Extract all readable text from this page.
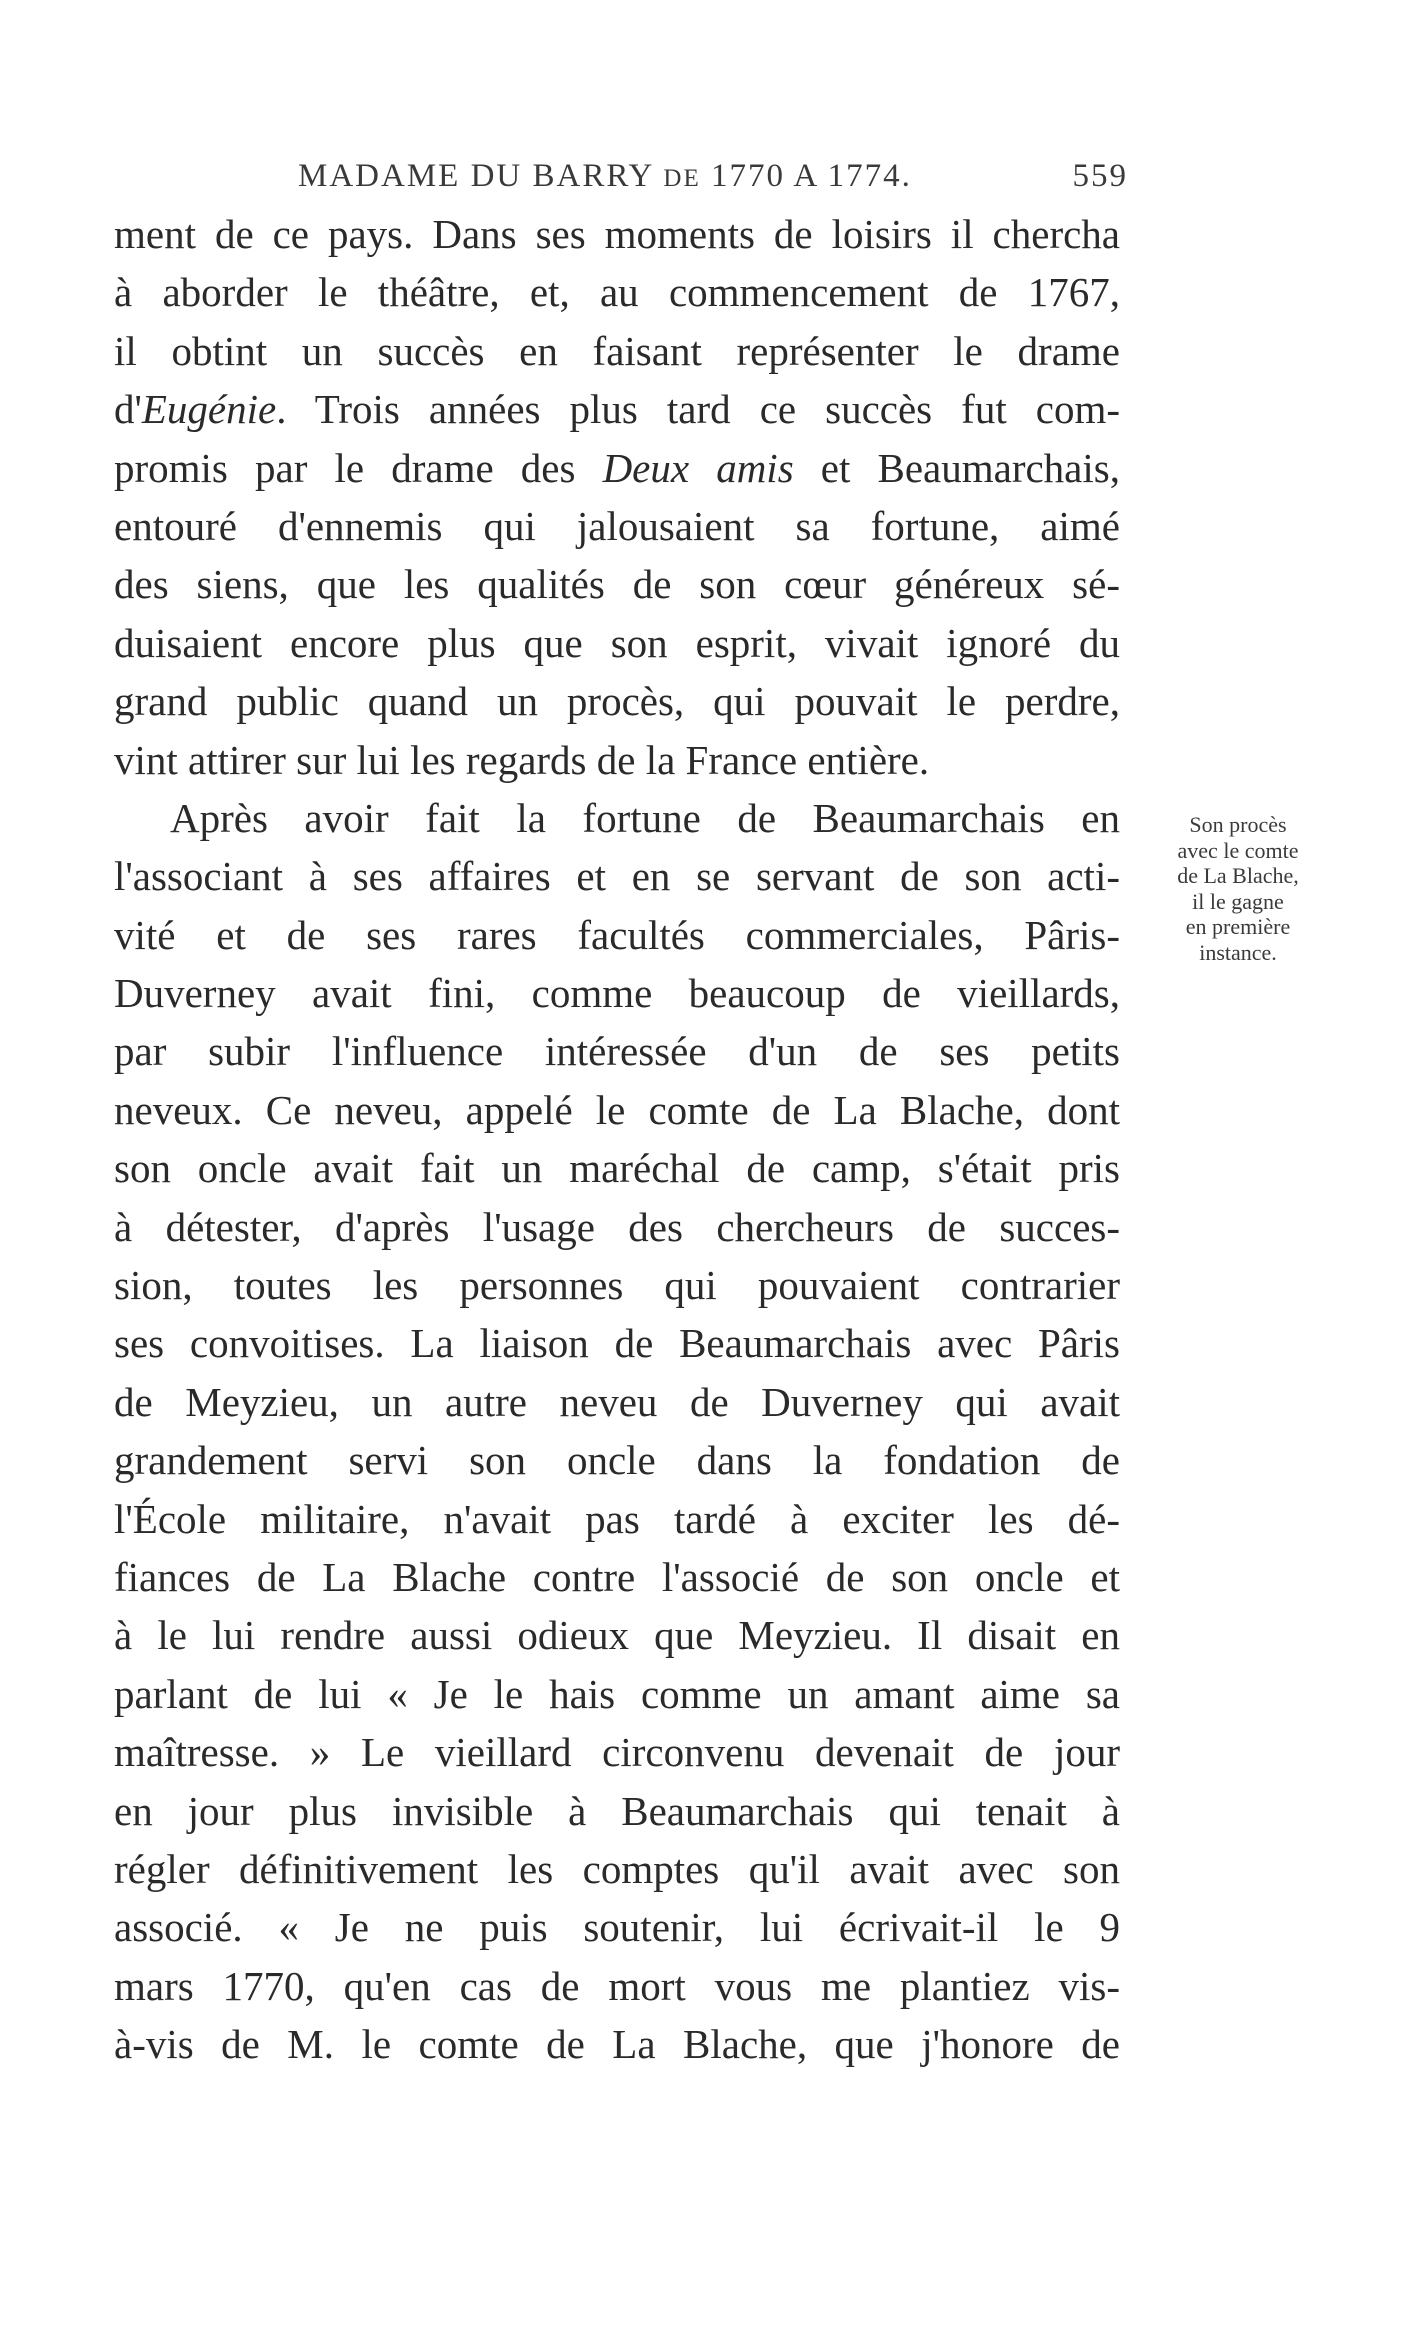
MADAME DU BARRY DE 1770 A 1774.	559
ment de ce pays. Dans ses moments de loisirs il chercha
à aborder le théâtre, et, au commencement de 1767,
il obtint un succès en faisant représenter le drame
d'Eugénie. Trois années plus tard ce succès fut com-
promis par le drame des Deux amis et Beaumarchais,
entouré d'ennemis qui jalousaient sa fortune, aimé
des siens, que les qualités de son cœur généreux sé-
duisaient encore plus que son esprit, vivait ignoré du
grand public quand un procès, qui pouvait le perdre,
vint attirer sur lui les regards de la France entière.
Après avoir fait la fortune de Beaumarchais en
l'associant à ses affaires et en se servant de son acti-
vité et de ses rares facultés commerciales, Pâris-
Duverney avait fini, comme beaucoup de vieillards,
par subir l'influence intéressée d'un de ses petits
neveux. Ce neveu, appelé le comte de La Blache, dont
son oncle avait fait un maréchal de camp, s'était pris
à détester, d'après l'usage des chercheurs de succes-
sion, toutes les personnes qui pouvaient contrarier
ses convoitises. La liaison de Beaumarchais avec Pâris
de Meyzieu, un autre neveu de Duverney qui avait
grandement servi son oncle dans la fondation de
l'École militaire, n'avait pas tardé à exciter les dé-
fiances de La Blache contre l'associé de son oncle et
à le lui rendre aussi odieux que Meyzieu. Il disait en
parlant de lui « Je le hais comme un amant aime sa
maîtresse. » Le vieillard circonvenu devenait de jour
en jour plus invisible à Beaumarchais qui tenait à
régler définitivement les comptes qu'il avait avec son
associé. « Je ne puis soutenir, lui écrivait-il le 9
mars 1770, qu'en cas de mort vous me plantiez vis-
à-vis de M. le comte de La Blache, que j'honore de
Son procès
avec le comte
de La Blache,
il le gagne
en première
instance.
